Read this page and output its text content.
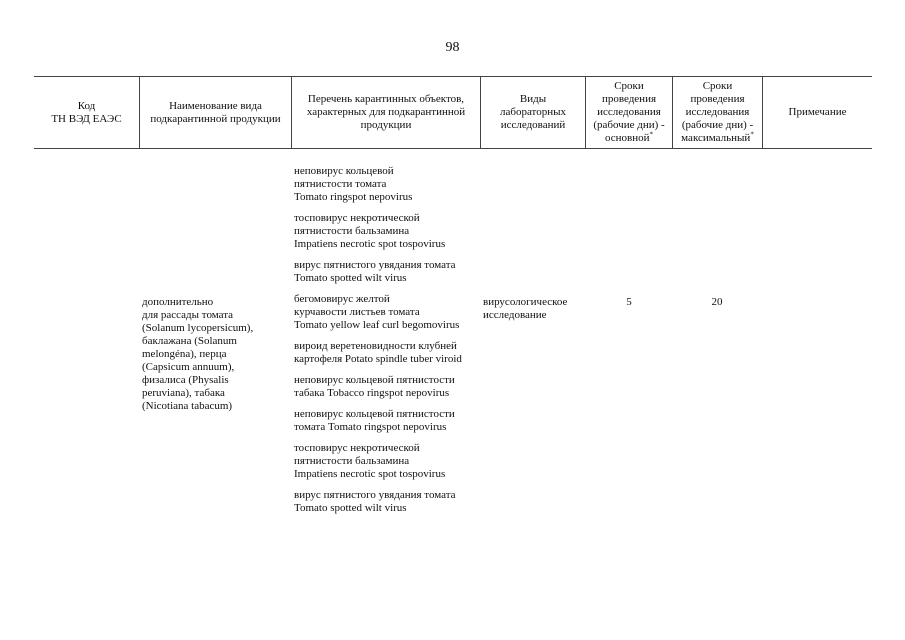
98
Код
ТН ВЭД ЕАЭС
Наименование вида
подкарантинной продукции
Перечень карантинных объектов,
характерных для подкарантинной
продукции
Виды
лабораторных
исследований
Сроки
проведения
исследования
(рабочие дни) -
основной*
Сроки
проведения
исследования
(рабочие дни) -
максимальный*
Примечание
дополнительно
для рассады томата
(Solanum lycopersicum),
баклажана (Solanum
melongéna), перца
(Capsicum annuum),
физалиса (Physalis
peruviana), табака
(Nicotiana tabacum)
неповирус кольцевой
пятнистости томата
Tomato ringspot nepovirus
тосповирус некротической
пятнистости бальзамина
Impatiens necrotic spot tospovirus
вирус пятнистого увядания томата
Tomato spotted wilt virus
бегомовирус желтой
курчавости листьев томата
Tomato yellow leaf curl begomovirus
вироид веретеновидности клубней
картофеля Potato spindle tuber viroid
неповирус кольцевой пятнистости
табака Tobacco ringspot nepovirus
неповирус кольцевой пятнистости
томата Tomato ringspot nepovirus
тосповирус некротической
пятнистости бальзамина
Impatiens necrotic spot tospovirus
вирус пятнистого увядания томата
Tomato spotted wilt virus
вирусологическое
исследование
5	20
